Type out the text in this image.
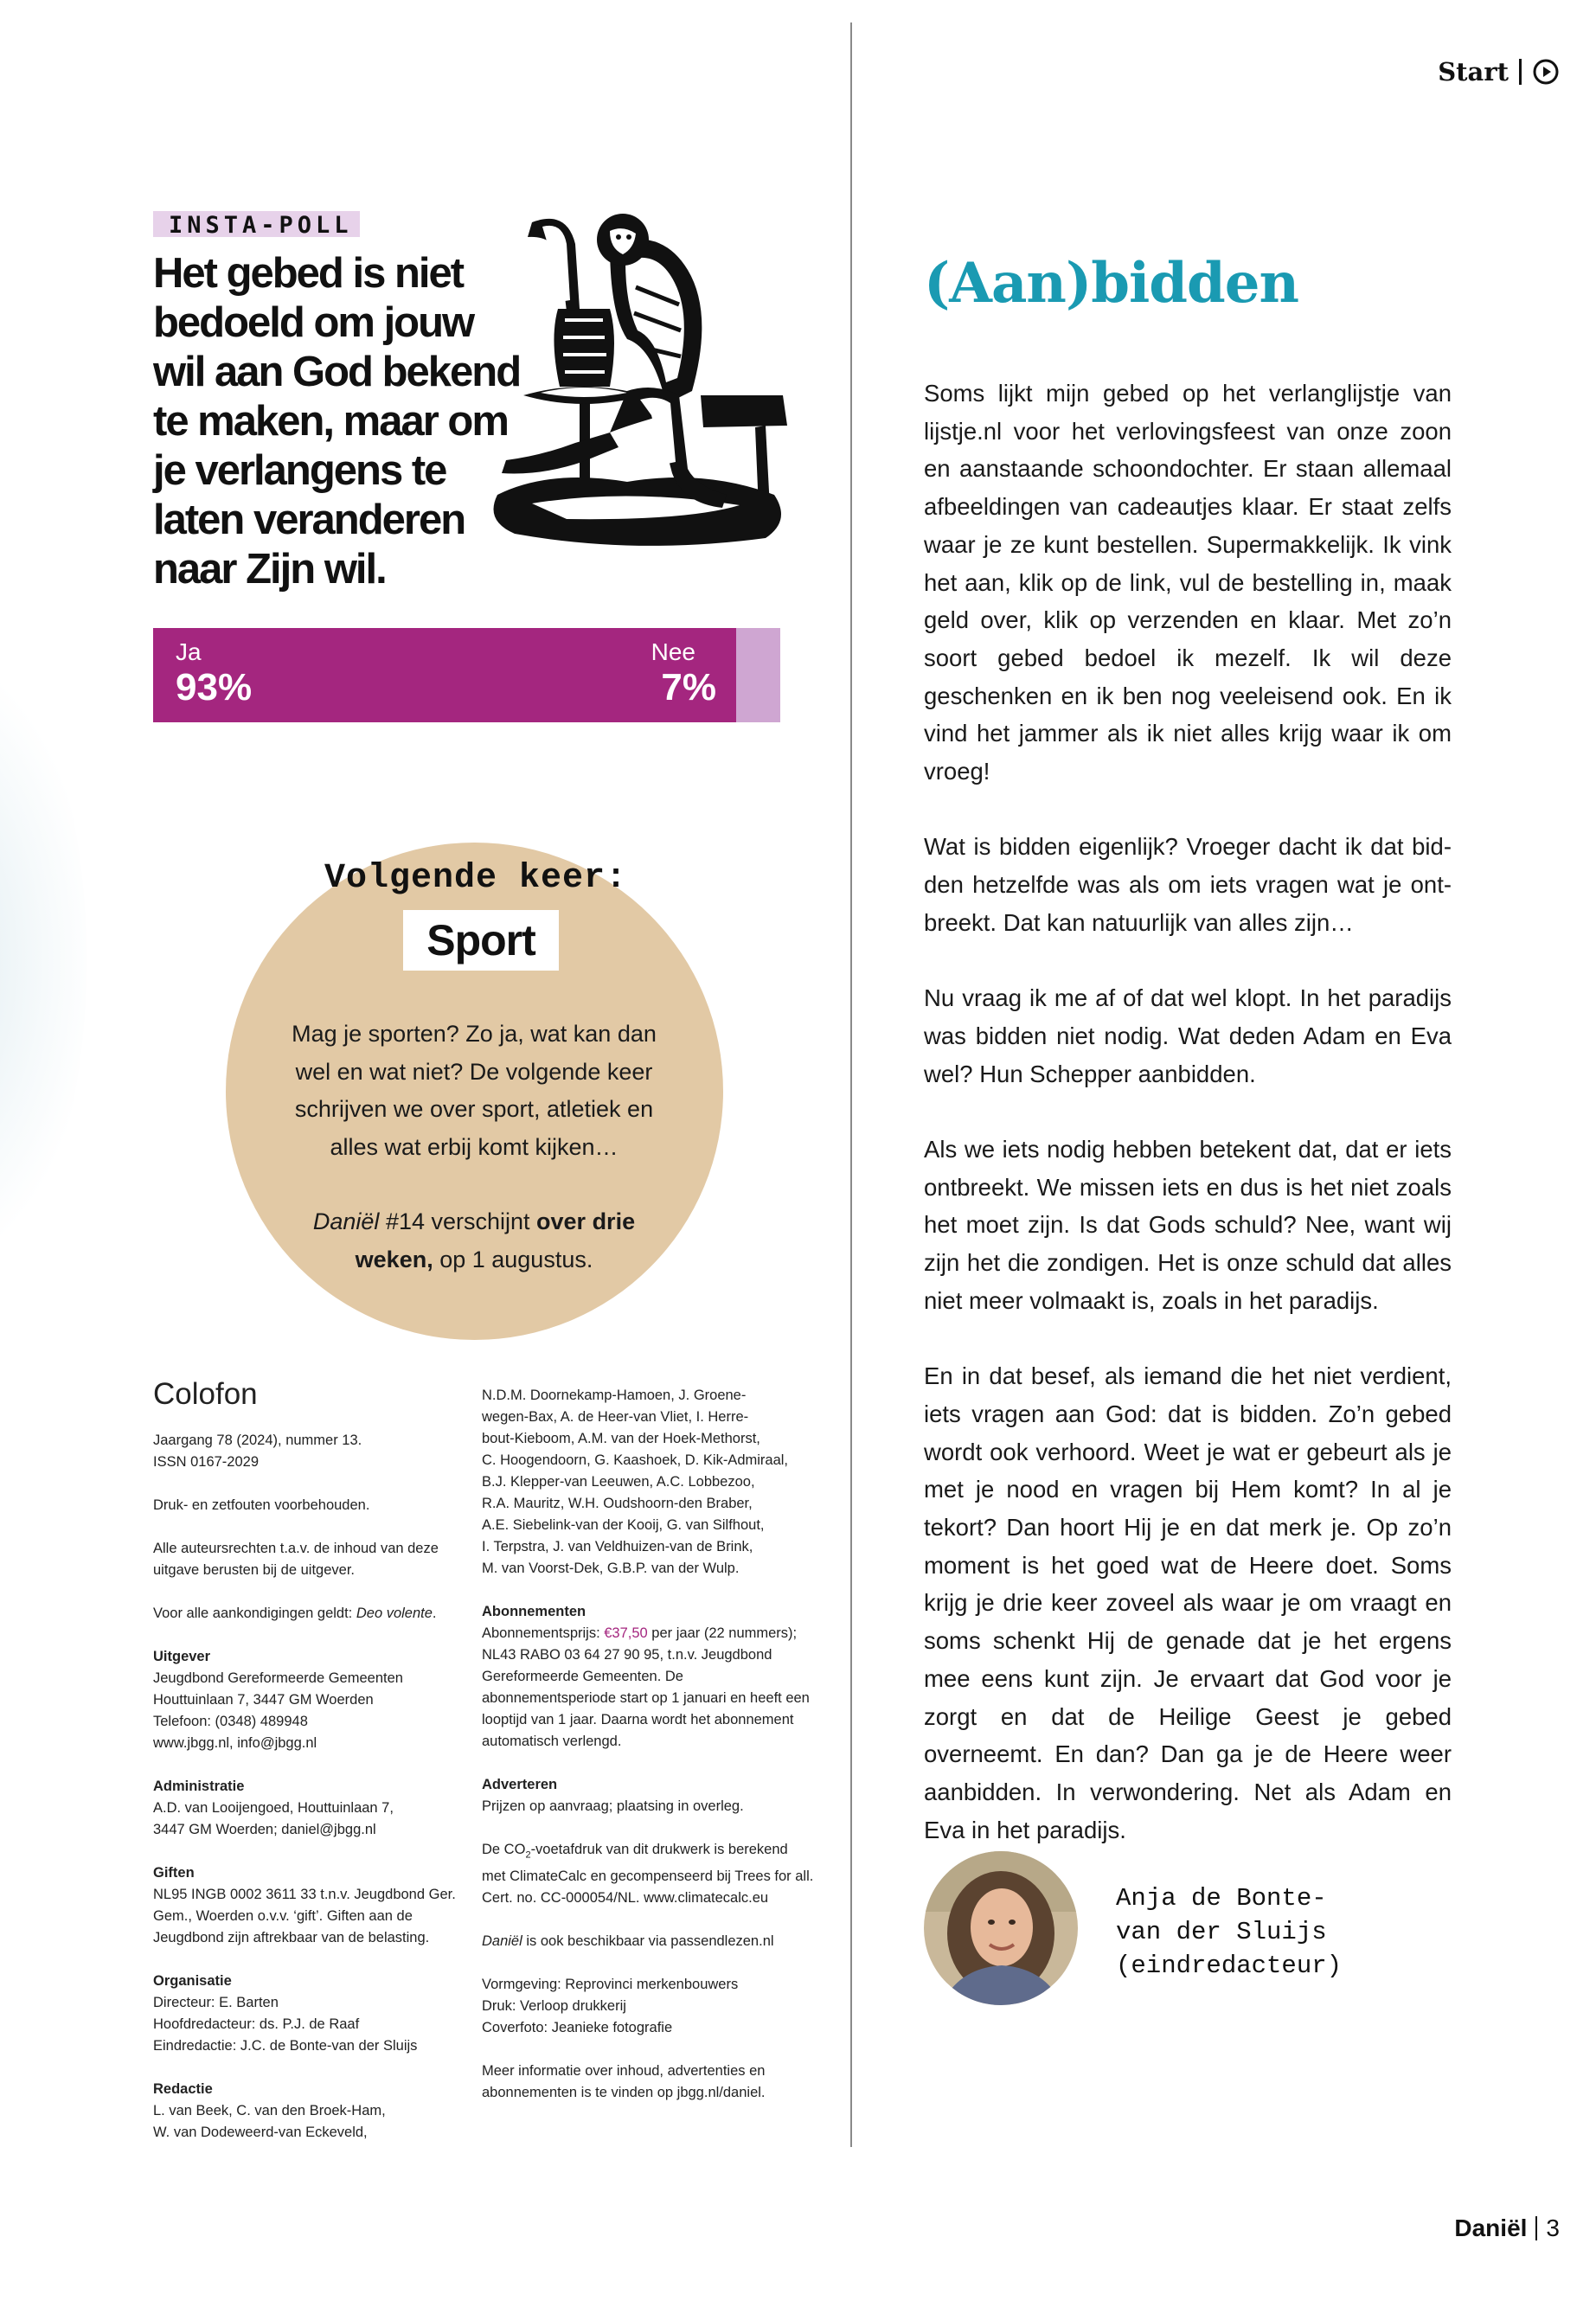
Start
INSTA-POLL
Het gebed is niet bedoeld om jouw wil aan God bekend te maken, maar om je verlangens te laten veranderen naar Zijn wil.
Ja
93%
Nee
7%
Volgende keer:
Sport

Mag je sporten? Zo ja, wat kan dan wel en wat niet? De volgende keer schrijven we over sport, atletiek en alles wat erbij komt kijken…

Daniël #14 verschijnt over drie weken, op 1 augustus.

Colofon

Jaargang 78 (2024), nummer 13.
ISSN 0167-2029

Druk- en zetfouten voorbehouden.

Alle auteursrechten t.a.v. de inhoud van deze uitgave berusten bij de uitgever.

Voor alle aankondigingen geldt: Deo volente.

Uitgever
Jeugdbond Gereformeerde Gemeenten
Houttuinlaan 7, 3447 GM Woerden
Telefoon: (0348) 489948
www.jbgg.nl, info@jbgg.nl

Administratie
A.D. van Looijengoed, Houttuinlaan 7,
3447 GM Woerden; daniel@jbgg.nl

Giften
NL95 INGB 0002 3611 33 t.n.v. Jeugdbond Ger. Gem., Woerden o.v.v. ‘gift’. Giften aan de Jeugdbond zijn aftrekbaar van de belasting.

Organisatie
Directeur: E. Barten
Hoofdredacteur: ds. P.J. de Raaf
Eindredactie: J.C. de Bonte-van der Sluijs

Redactie
L. van Beek, C. van den Broek-Ham,
W. van Dodeweerd-van Eckeveld,

N.D.M. Doornekamp-Hamoen, J. Groene-
wegen-Bax, A. de Heer-van Vliet, I. Herre-
bout-Kieboom, A.M. van der Hoek-Methorst,
C. Hoogendoorn, G. Kaashoek, D. Kik-Admiraal,
B.J. Klepper-van Leeuwen, A.C. Lobbezoo,
R.A. Mauritz, W.H. Oudshoorn-den Braber,
A.E. Siebelink-van der Kooij, G. van Silfhout,
I. Terpstra, J. van Veldhuizen-van de Brink,
M. van Voorst-Dek, G.B.P. van der Wulp.

Abonnementen
Abonnementsprijs: €37,50 per jaar (22 nummers); NL43 RABO 03 64 27 90 95, t.n.v. Jeugdbond Gereformeerde Gemeenten. De abonnementsperiode start op 1 januari en heeft een looptijd van 1 jaar. Daarna wordt het abonnement automatisch verlengd.

Adverteren
Prijzen op aanvraag; plaatsing in overleg.

De $CO_2$-voetafdruk van dit drukwerk is berekend met ClimateCalc en gecompenseerd bij Trees for all. Cert. no. CC-000054/NL. www.climatecalc.eu

Daniël is ook beschikbaar via passendlezen.nl

Vormgeving: Reprovinci merkenbouwers
Druk: Verloop drukkerij
Coverfoto: Jeanieke fotografie

Meer informatie over inhoud, advertenties en abonnementen is te vinden op jbgg.nl/daniel.

(Aan)bidden

Soms lijkt mijn gebed op het verlanglijstje van lijstje.nl voor het verlovingsfeest van onze zoon en aanstaande schoondochter. Er staan allemaal afbeeldingen van cadeautjes klaar. Er staat zelfs waar je ze kunt bestellen. Supermakkelijk. Ik vink het aan, klik op de link, vul de bestelling in, maak geld over, klik op verzenden en klaar. Met zo’n soort gebed bedoel ik mezelf. Ik wil deze geschenken en ik ben nog veeleisend ook. En ik vind het jammer als ik niet alles krijg waar ik om vroeg!

Wat is bidden eigenlijk? Vroeger dacht ik dat bid-den hetzelfde was als om iets vragen wat je ont-breekt. Dat kan natuurlijk van alles zijn…

Nu vraag ik me af of dat wel klopt. In het paradijs was bidden niet nodig. Wat deden Adam en Eva wel? Hun Schepper aanbidden.

Als we iets nodig hebben betekent dat, dat er iets ontbreekt. We missen iets en dus is het niet zoals het moet zijn. Is dat Gods schuld? Nee, want wij zijn het die zondigen. Het is onze schuld dat alles niet meer volmaakt is, zoals in het paradijs.

En in dat besef, als iemand die het niet verdient, iets vragen aan God: dat is bidden. Zo’n gebed wordt ook verhoord. Weet je wat er gebeurt als je met je nood en vragen bij Hem komt? In al je tekort? Dan hoort Hij je en dat merk je. Op zo’n moment is het goed wat de Heere doet. Soms krijg je drie keer zoveel als waar je om vraagt en soms schenkt Hij de genade dat je het ergens mee eens kunt zijn. Je ervaart dat God voor je zorgt en dat de Heilige Geest je gebed overneemt. En dan? Dan ga je de Heere weer aanbidden. In verwondering. Net als Adam en Eva in het paradijs.

Anja de Bonte-
van der Sluijs
(eindredacteur)
Daniël 3
